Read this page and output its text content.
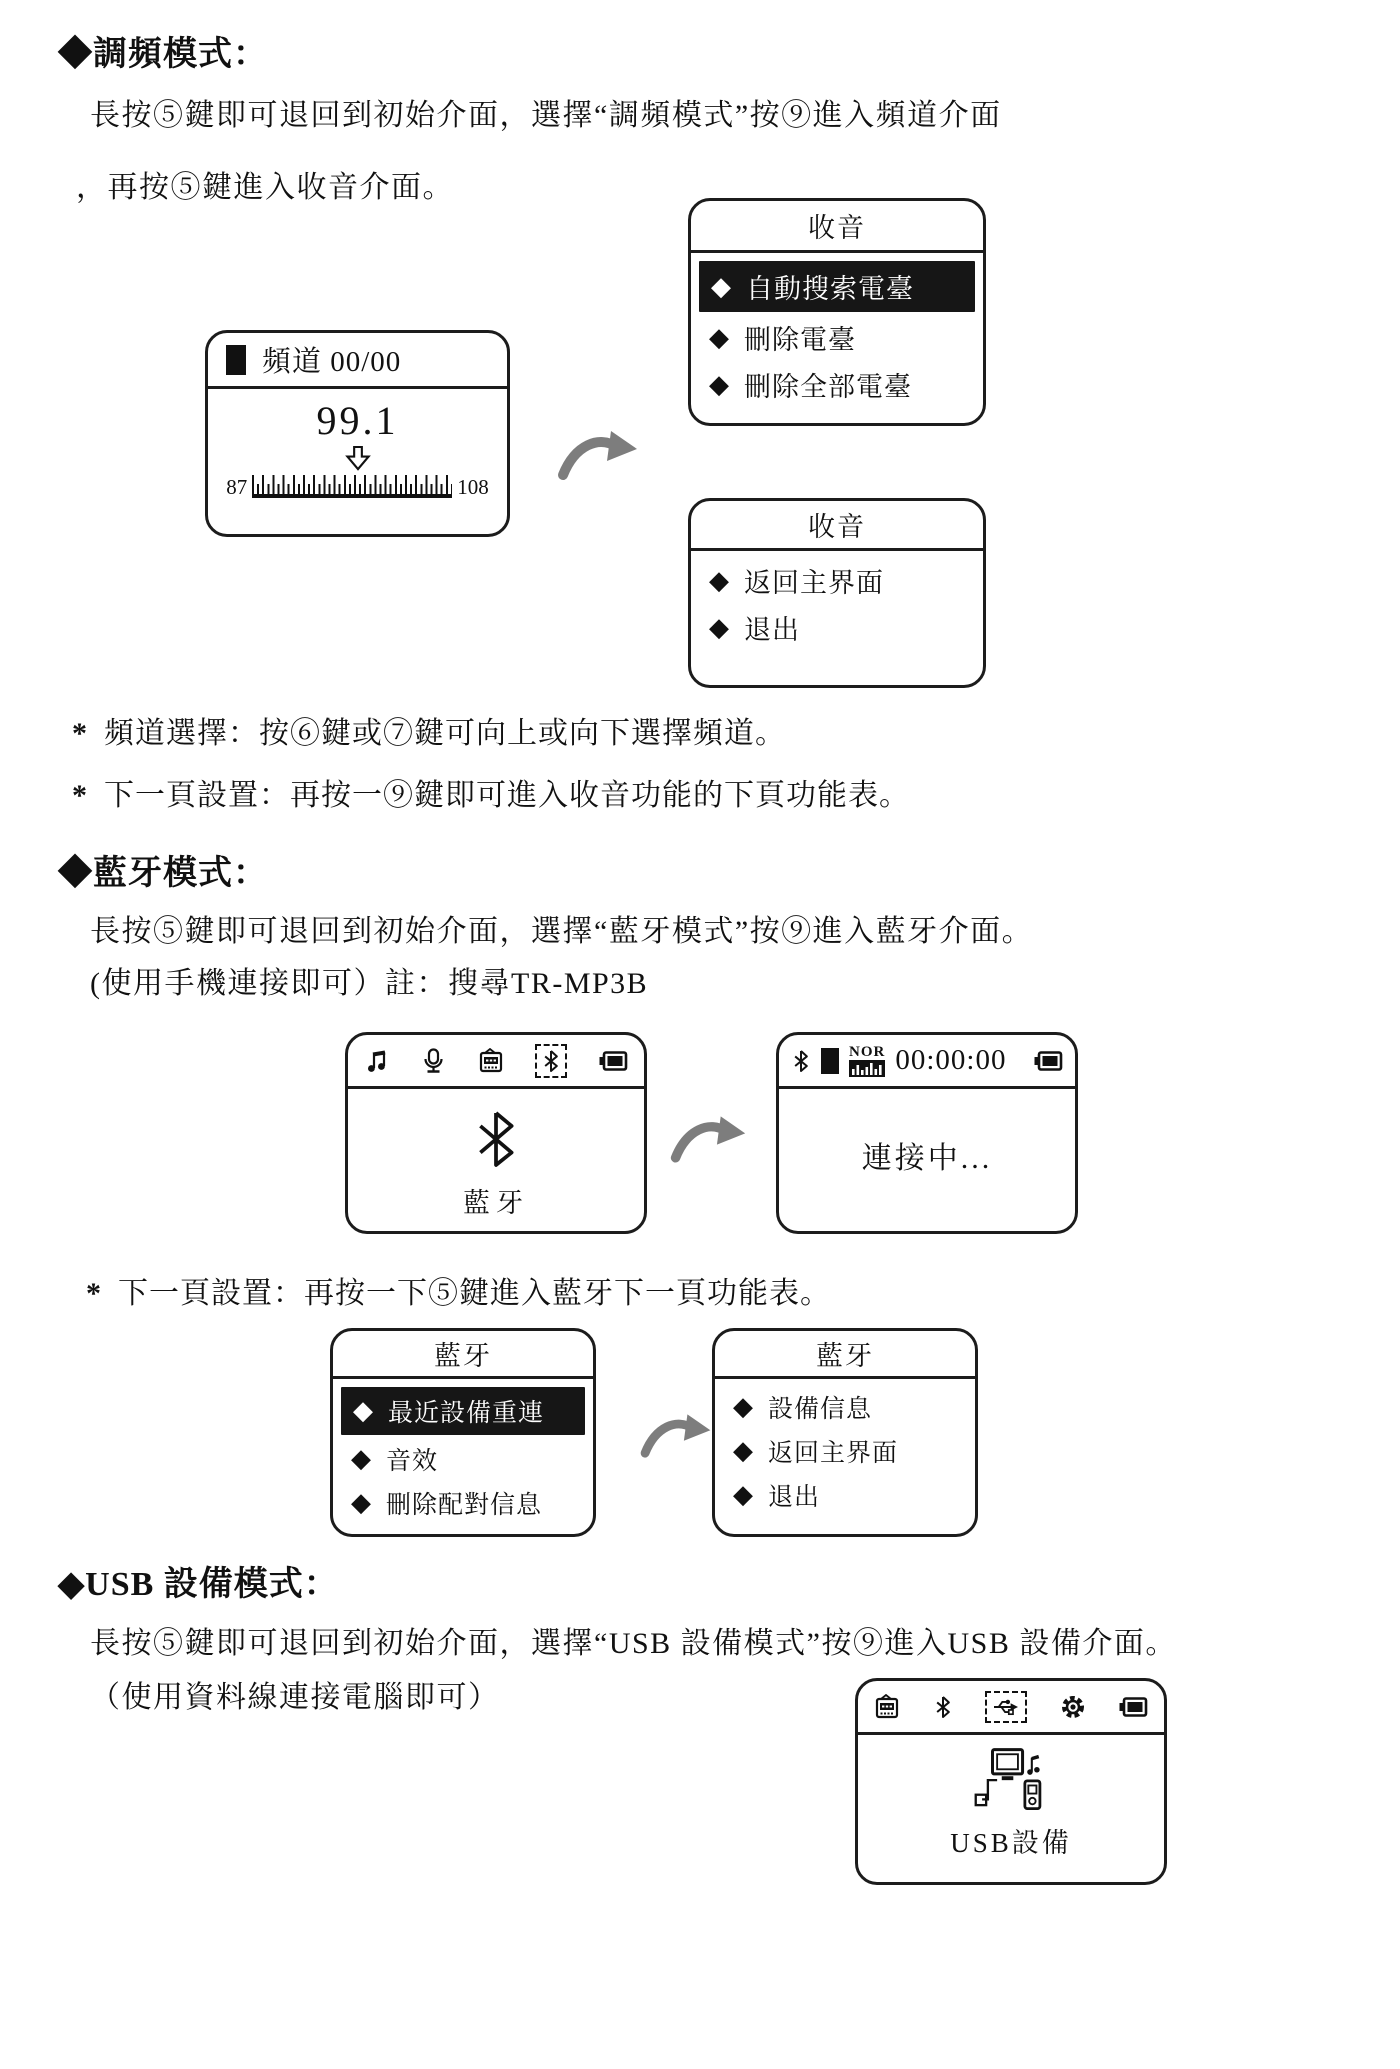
◆調頻模式：
長按⑤鍵即可退回到初始介面，選擇“調頻模式”按⑨進入頻道介面
，再按⑤鍵進入收音介面。
頻道 00/00
99.1
87	108
收音
◆ 自動搜索電臺
◆ 刪除電臺
◆ 刪除全部電臺
收音
◆ 返回主界面
◆ 退出
* 頻道選擇：按⑥鍵或⑦鍵可向上或向下選擇頻道。
* 下一頁設置：再按一⑨鍵即可進入收音功能的下頁功能表。
◆藍牙模式：
長按⑤鍵即可退回到初始介面，選擇“藍牙模式”按⑨進入藍牙介面。
(使用手機連接即可）註：搜尋TR-MP3B
藍牙
NOR 00:00:00
連接中...
* 下一頁設置：再按一下⑤鍵進入藍牙下一頁功能表。
藍牙
◆ 最近設備重連
◆ 音效
◆ 刪除配對信息
藍牙
◆ 設備信息
◆ 返回主界面
◆ 退出
◆USB 設備模式：
長按⑤鍵即可退回到初始介面，選擇“USB 設備模式”按⑨進入USB 設備介面。
（使用資料線連接電腦即可）
USB設備
